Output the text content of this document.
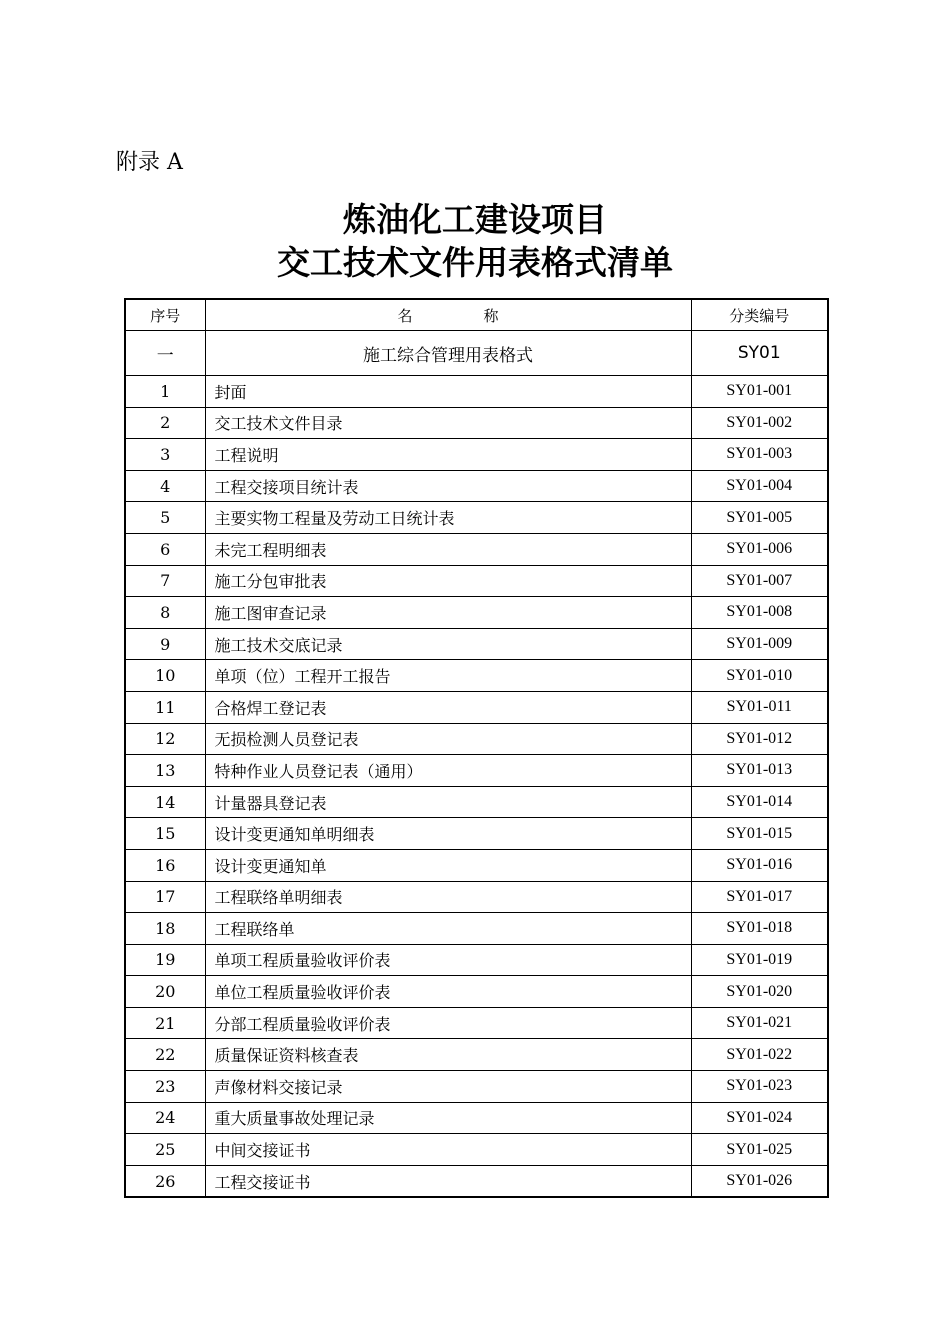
附录 A
炼油化工建设项目
交工技术文件用表格式清单
序号	名　称	分类编号
一	施工综合管理用表格式	SY01
1	封面	SY01-001
2	交工技术文件目录	SY01-002
3	工程说明	SY01-003
4	工程交接项目统计表	SY01-004
5	主要实物工程量及劳动工日统计表	SY01-005
6	未完工程明细表	SY01-006
7	施工分包审批表	SY01-007
8	施工图审查记录	SY01-008
9	施工技术交底记录	SY01-009
10	单项（位）工程开工报告	SY01-010
11	合格焊工登记表	SY01-011
12	无损检测人员登记表	SY01-012
13	特种作业人员登记表（通用）	SY01-013
14	计量器具登记表	SY01-014
15	设计变更通知单明细表	SY01-015
16	设计变更通知单	SY01-016
17	工程联络单明细表	SY01-017
18	工程联络单	SY01-018
19	单项工程质量验收评价表	SY01-019
20	单位工程质量验收评价表	SY01-020
21	分部工程质量验收评价表	SY01-021
22	质量保证资料核查表	SY01-022
23	声像材料交接记录	SY01-023
24	重大质量事故处理记录	SY01-024
25	中间交接证书	SY01-025
26	工程交接证书	SY01-026
